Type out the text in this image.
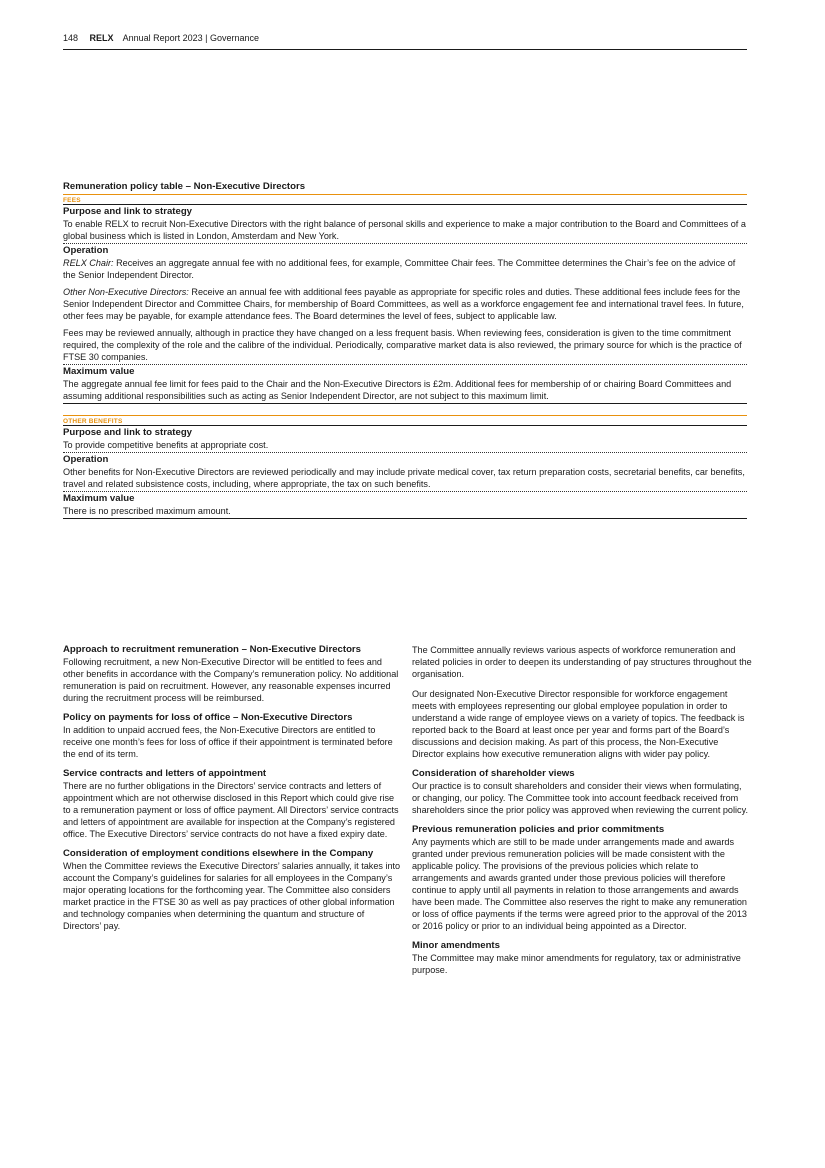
148 RELX Annual Report 2023 | Governance
Remuneration policy table – Non-Executive Directors
FEES
Purpose and link to strategy

To enable RELX to recruit Non-Executive Directors with the right balance of personal skills and experience to make a major contribution to the Board and Committees of a global business which is listed in London, Amsterdam and New York.

Operation

RELX Chair: Receives an aggregate annual fee with no additional fees, for example, Committee Chair fees. The Committee determines the Chair’s fee on the advice of the Senior Independent Director.

Other Non-Executive Directors: Receive an annual fee with additional fees payable as appropriate for specific roles and duties. These additional fees include fees for the Senior Independent Director and Committee Chairs, for membership of Board Committees, as well as a workforce engagement fee and international travel fees. In future, other fees may be payable, for example attendance fees. The Board determines the level of fees, subject to applicable law.

Fees may be reviewed annually, although in practice they have changed on a less frequent basis. When reviewing fees, consideration is given to the time commitment required, the complexity of the role and the calibre of the individual. Periodically, comparative market data is also reviewed, the primary source for which is the practice of FTSE 30 companies.

Maximum value

The aggregate annual fee limit for fees paid to the Chair and the Non-Executive Directors is £2m. Additional fees for membership of or chairing Board Committees and assuming additional responsibilities such as acting as Senior Independent Director, are not subject to this maximum limit.

OTHER BENEFITS
Purpose and link to strategy

To provide competitive benefits at appropriate cost.

Operation

Other benefits for Non-Executive Directors are reviewed periodically and may include private medical cover, tax return preparation costs, secretarial benefits, car benefits, travel and related subsistence costs, including, where appropriate, the tax on such benefits.

Maximum value

There is no prescribed maximum amount.

Approach to recruitment remuneration – Non-Executive Directors

Following recruitment, a new Non-Executive Director will be entitled to fees and other benefits in accordance with the Company’s remuneration policy. No additional remuneration is paid on recruitment. However, any reasonable expenses incurred during the recruitment process will be reimbursed.

Policy on payments for loss of office – Non-Executive Directors

In addition to unpaid accrued fees, the Non-Executive Directors are entitled to receive one month’s fees for loss of office if their appointment is terminated before the end of its term.

Service contracts and letters of appointment

There are no further obligations in the Directors’ service contracts and letters of appointment which are not otherwise disclosed in this Report which could give rise to a remuneration payment or loss of office payment. All Directors’ service contracts and letters of appointment are available for inspection at the Company’s registered office. The Executive Directors’ service contracts do not have a fixed expiry date.

Consideration of employment conditions elsewhere in the Company

When the Committee reviews the Executive Directors’ salaries annually, it takes into account the Company’s guidelines for salaries for all employees in the Company’s major operating locations for the forthcoming year. The Committee also considers market practice in the FTSE 30 as well as pay practices of other global information and technology companies when determining the quantum and structure of Directors’ pay.

The Committee annually reviews various aspects of workforce remuneration and related policies in order to deepen its understanding of pay structures throughout the organisation.

Our designated Non-Executive Director responsible for workforce engagement meets with employees representing our global employee population in order to understand a wide range of employee views on a variety of topics. The feedback is reported back to the Board at least once per year and forms part of the Board’s discussions and decision making. As part of this process, the Non-Executive Director explains how executive remuneration aligns with wider pay policy.

Consideration of shareholder views

Our practice is to consult shareholders and consider their views when formulating, or changing, our policy. The Committee took into account feedback received from shareholders since the prior policy was approved when reviewing the current policy.

Previous remuneration policies and prior commitments

Any payments which are still to be made under arrangements made and awards granted under previous remuneration policies will be made consistent with the applicable policy. The provisions of the previous policies which relate to arrangements and awards granted under those previous policies will therefore continue to apply until all payments in relation to those arrangements and awards have been made. The Committee also reserves the right to make any remuneration or loss of office payments if the terms were agreed prior to the approval of the 2013 or 2016 policy or prior to an individual being appointed as a Director.

Minor amendments

The Committee may make minor amendments for regulatory, tax or administrative purpose.
